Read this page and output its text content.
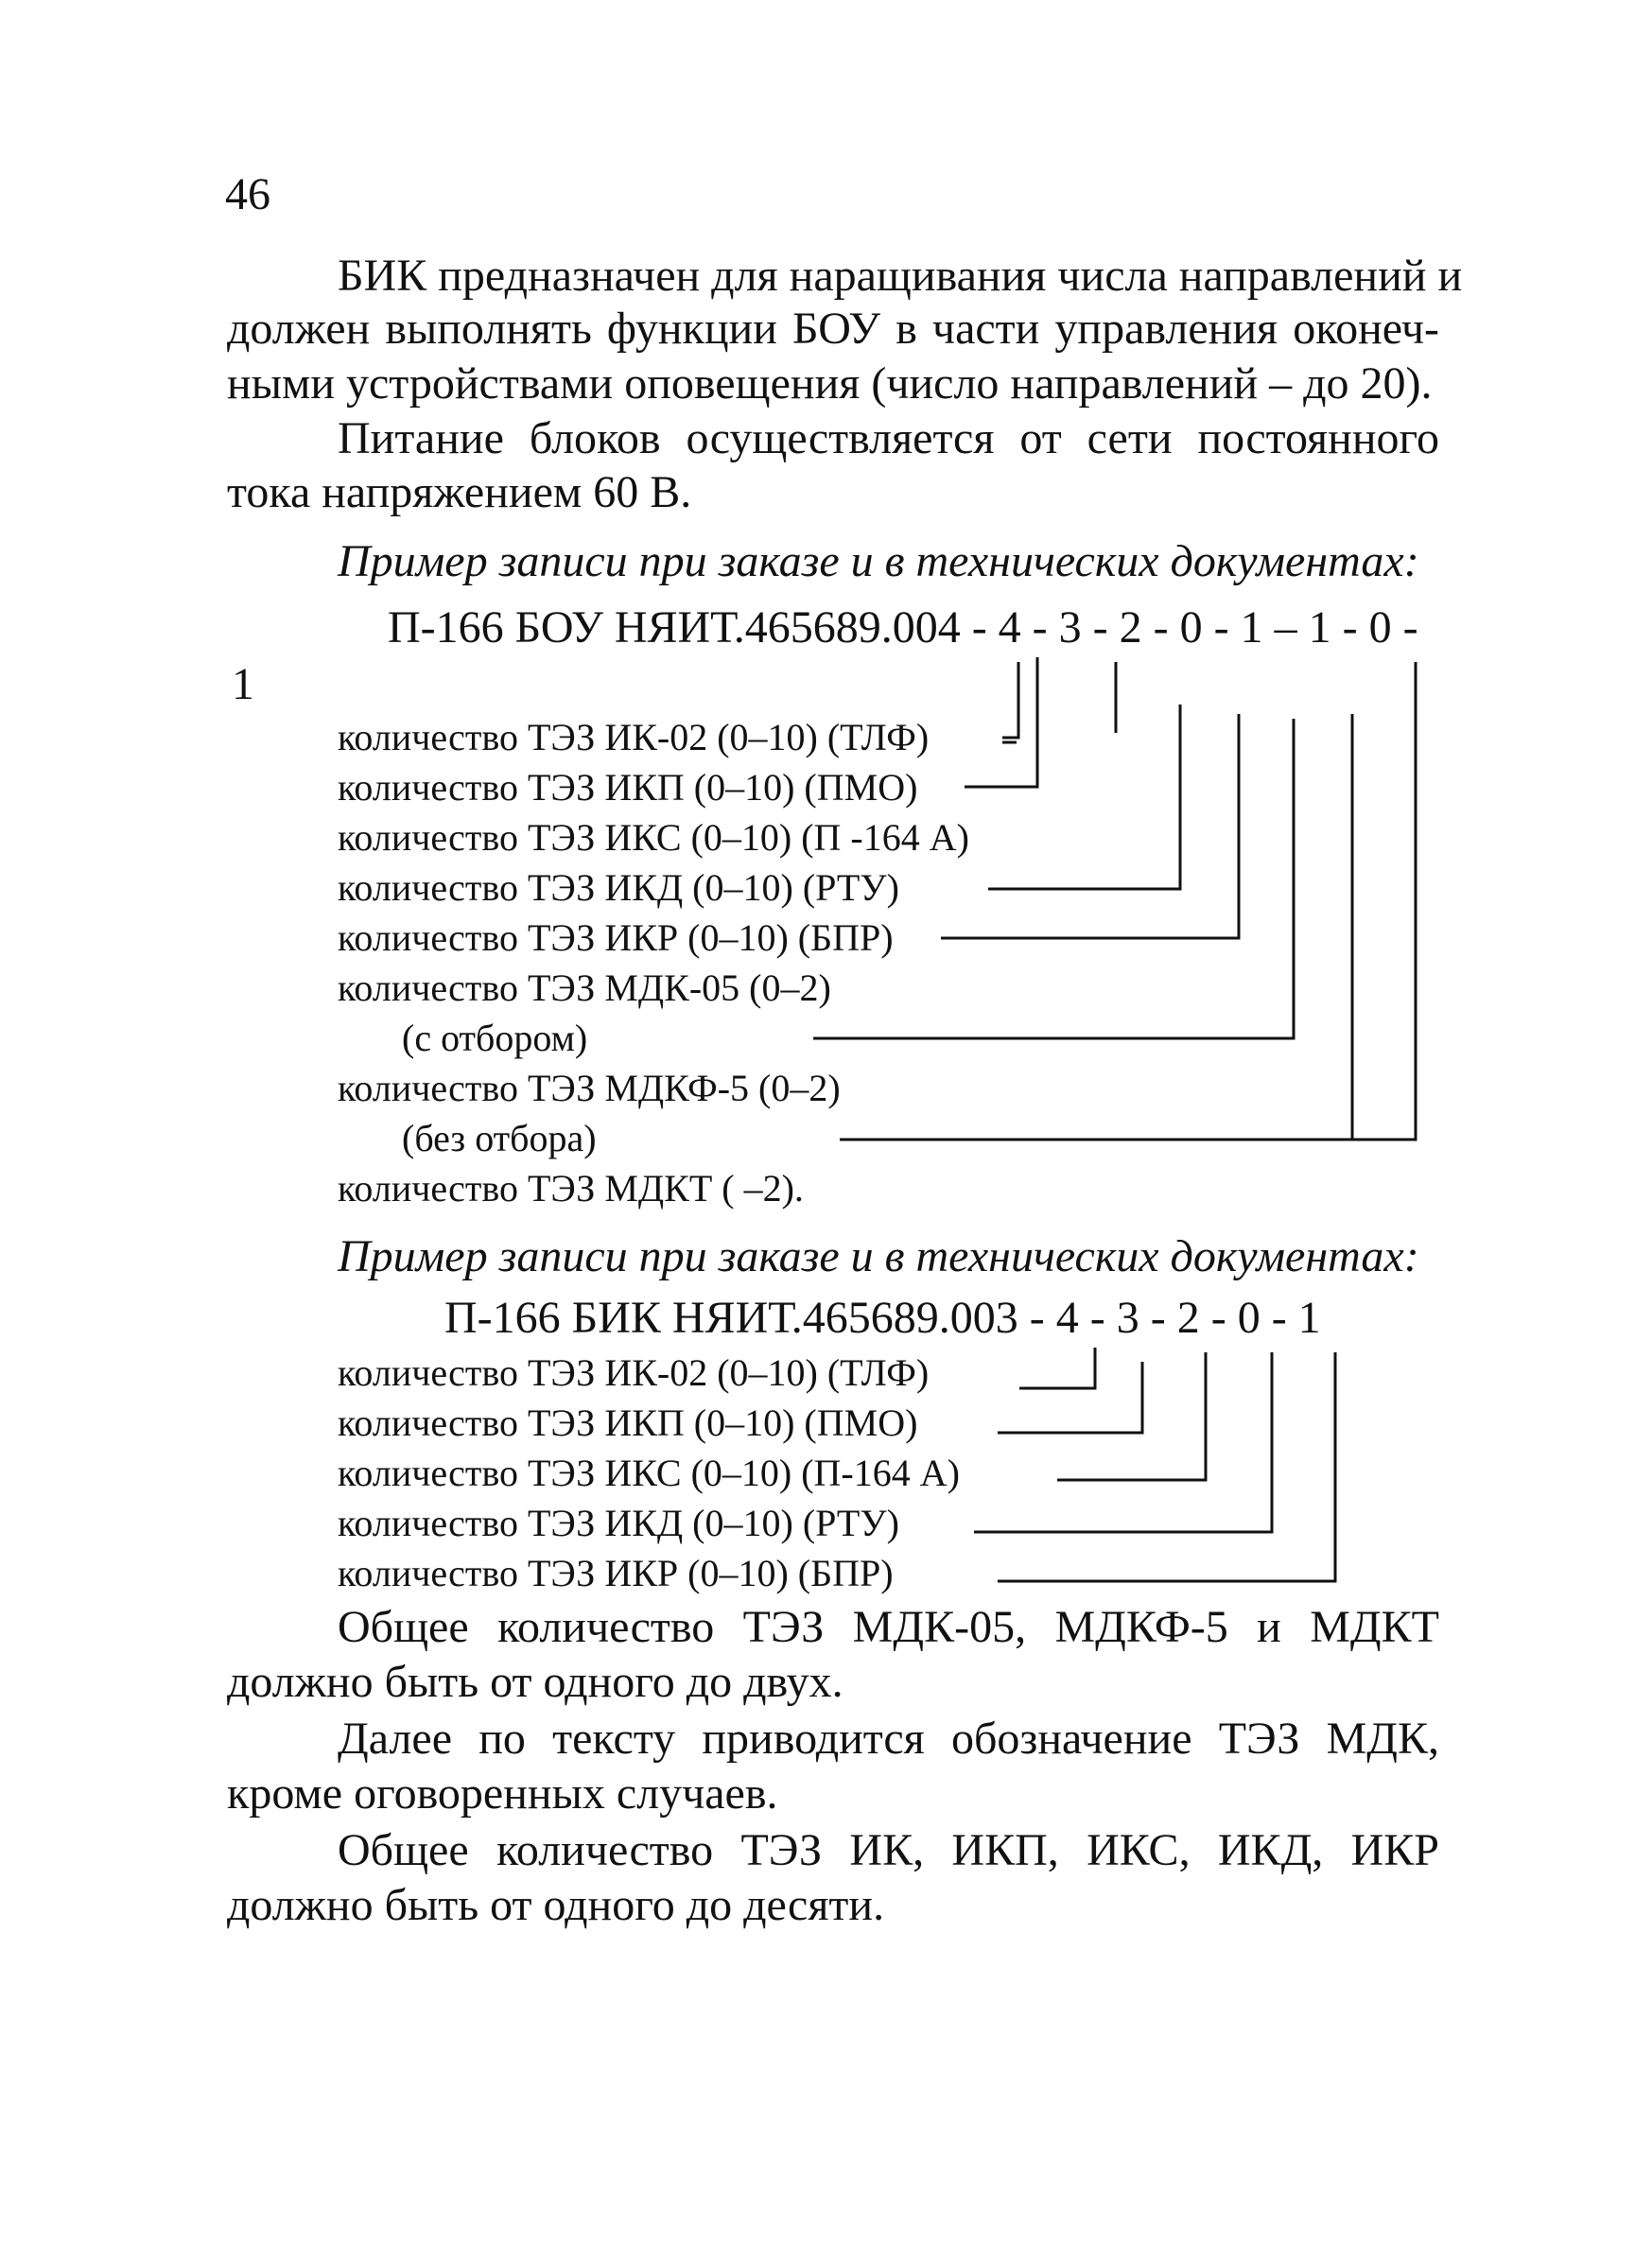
46
БИК предназначен для наращивания числа направлений и
должен выполнять функции БОУ в части управления оконеч-
ными устройствами оповещения (число направлений – до 20).
Питание блоков осуществляется от сети постоянного
тока напряжением 60 В.
Пример записи при заказе и в технических документах:
П-166 БОУ НЯИТ.465689.004 - 4 - 3 - 2 - 0 - 1 – 1 - 0 -
1
количество ТЭЗ ИК-02 (0–10) (ТЛФ)
количество ТЭЗ ИКП (0–10) (ПМО)
количество ТЭЗ ИКС (0–10) (П -164 А)
количество ТЭЗ ИКД (0–10) (РТУ)
количество ТЭЗ ИКР (0–10) (БПР)
количество ТЭЗ МДК-05 (0–2)
(с отбором)
количество ТЭЗ МДКФ-5 (0–2)
(без отбора)
количество ТЭЗ МДКТ ( –2).
Пример записи при заказе и в технических документах:
П-166 БИК НЯИТ.465689.003 - 4 - 3 - 2 - 0 - 1
количество ТЭЗ ИК-02 (0–10) (ТЛФ)
количество ТЭЗ ИКП (0–10) (ПМО)
количество ТЭЗ ИКС (0–10) (П-164 А)
количество ТЭЗ ИКД (0–10) (РТУ)
количество ТЭЗ ИКР (0–10) (БПР)
Общее количество ТЭЗ МДК-05, МДКФ-5 и МДКТ
должно быть от одного до двух.
Далее по тексту приводится обозначение ТЭЗ МДК,
кроме оговоренных случаев.
Общее количество ТЭЗ ИК, ИКП, ИКС, ИКД, ИКР
должно быть от одного до десяти.
